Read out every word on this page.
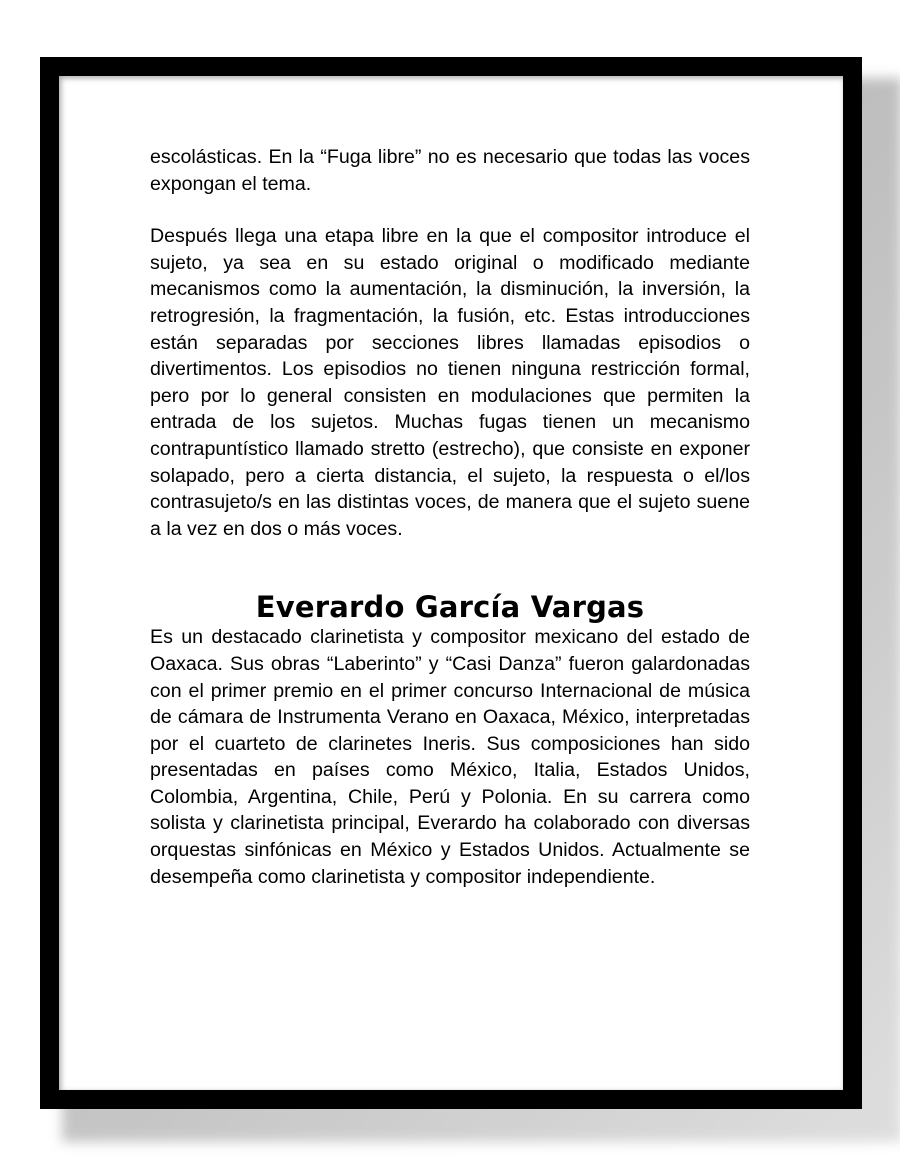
escolásticas. En la “Fuga libre” no es necesario que todas las voces expongan el tema.

Después llega una etapa libre en la que el compositor introduce el sujeto, ya sea en su estado original o modificado mediante mecanismos como la aumentación, la disminución, la inversión, la retrogresión, la fragmentación, la fusión, etc. Estas introducciones están separadas por secciones libres llamadas episodios o divertimentos. Los episodios no tienen ninguna restricción formal, pero por lo general consisten en modulaciones que permiten la entrada de los sujetos. Muchas fugas tienen un mecanismo contrapuntístico llamado stretto (estrecho), que consiste en exponer solapado, pero a cierta distancia, el sujeto, la respuesta o el/los contrasujeto/s en las distintas voces, de manera que el sujeto suene a la vez en dos o más voces.

Everardo García Vargas

Es un destacado clarinetista y compositor mexicano del estado de Oaxaca. Sus obras “Laberinto” y “Casi Danza” fueron galardonadas con el primer premio en el primer concurso Internacional de música de cámara de Instrumenta Verano en Oaxaca, México, interpretadas por el cuarteto de clarinetes Ineris. Sus composiciones han sido presentadas en países como México, Italia, Estados Unidos, Colombia, Argentina, Chile, Perú y Polonia. En su carrera como solista y clarinetista principal, Everardo ha colaborado con diversas orquestas sinfónicas en México y Estados Unidos. Actualmente se desempeña como clarinetista y compositor independiente.
